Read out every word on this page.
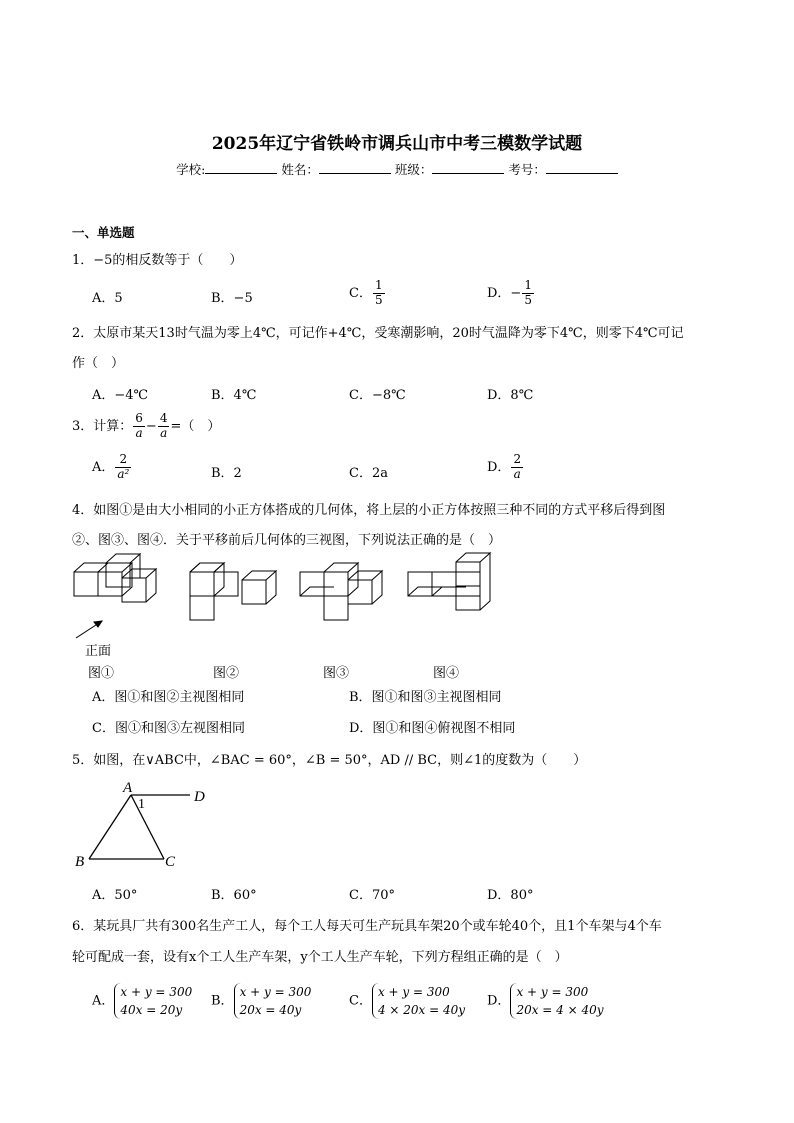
2025年辽宁省铁岭市调兵山市中考三模数学试题
学校:	姓名：	班级：	考号：
一、单选题
1．−5的相反数等于（　　）
A．5	B．−5	C． $\frac{1}{5}$	D．− $\frac{1}{5}$
2．太原市某天13时气温为零上4℃，可记作+4℃，受寒潮影响，20时气温降为零下4℃，则零下4℃可记
作（　）
A．−4℃	B．4℃	C．−8℃	D．8℃
3．计算： $\frac{6}{a} - \frac{4}{a}$ =（　）
A． $\frac{2}{\text{a²}}$	B．2	C．2a	D． $\frac{2}{a}$
4．如图①是由大小相同的小正方体搭成的几何体，将上层的小正方体按照三种不同的方式平移后得到图
②、图③、图④．关于平移前后几何体的三视图，下列说法正确的是（　）
正面
图①	图②	图③	图④
A．图①和图②主视图相同	B．图①和图③主视图相同
C．图①和图③左视图相同	D．图①和图④俯视图不相同
5．如图，在∨ABC中，∠BAC = 60°，∠B = 50°，AD // BC，则∠1的度数为（　　）
A
B	C
D
1
A．50°	B．60°	C．70°	D．80°
6．某玩具厂共有300名生产工人，每个工人每天可生产玩具车架20个或车轮40个，且1个车架与4个车
轮可配成一套，设有x个工人生产车架，y个工人生产车轮，下列方程组正确的是（　）
A．
x + y = 300
40x = 20y
B．
x + y = 300
20x = 40y
C．
x + y = 300
4 × 20x = 40y
D．
x + y = 300
20x = 4 × 40y
